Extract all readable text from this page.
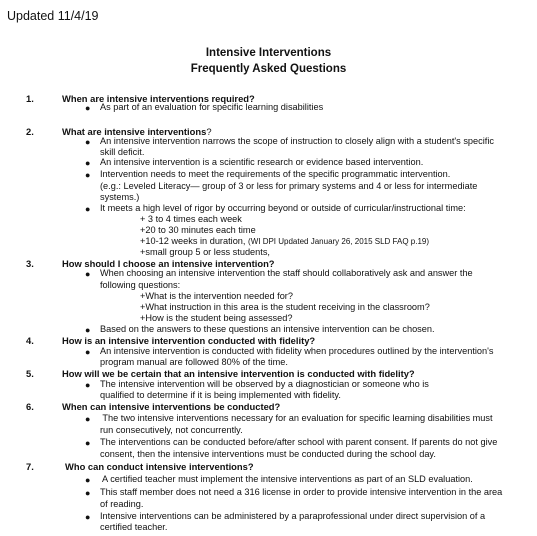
Updated 11/4/19
Intensive Interventions
Frequently Asked Questions
1.	When are intensive interventions required?
● As part of an evaluation for specific learning disabilities
2.	What are intensive interventions?
● An intensive intervention narrows the scope of instruction to closely align with a student's specific
skill deficit.
● An intensive intervention is a scientific research or evidence based intervention.
● Intervention needs to meet the requirements of the specific programmatic intervention.
(e.g.: Leveled Literacy— group of 3 or less for primary systems and 4 or less for intermediate
systems.)
● It meets a high level of rigor by occurring beyond or outside of curricular/instructional time:
+ 3 to 4 times each week
+20 to 30 minutes each time
+10-12 weeks in duration, (WI DPI Updated January 26, 2015 SLD FAQ p.19)
+small group 5 or less students,
3.	How should I choose an intensive intervention?
● When choosing an intensive intervention the staff should collaboratively ask and answer the
following questions:
+What is the intervention needed for?
+What instruction in this area is the student receiving in the classroom?
+How is the student being assessed?
● Based on the answers to these questions an intensive intervention can be chosen.
4.	How is an intensive intervention conducted with fidelity?
● An intensive intervention is conducted with fidelity when procedures outlined by the intervention's
program manual are followed 80% of the time.
5.	How will we be certain that an intensive intervention is conducted with fidelity?
● The intensive intervention will be observed by a diagnostician or someone who is
qualified to determine if it is being implemented with fidelity.
6.	When can intensive interventions be conducted?
● The two intensive interventions necessary for an evaluation for specific learning disabilities must
run consecutively, not concurrently.
● The interventions can be conducted before/after school with parent consent. If parents do not give
consent, then the intensive interventions must be conducted during the school day.
7.	Who can conduct intensive interventions?
● A certified teacher must implement the intensive interventions as part of an SLD evaluation.
● This staff member does not need a 316 license in order to provide intensive intervention in the area
of reading.
● Intensive interventions can be administered by a paraprofessional under direct supervision of a
certified teacher.
